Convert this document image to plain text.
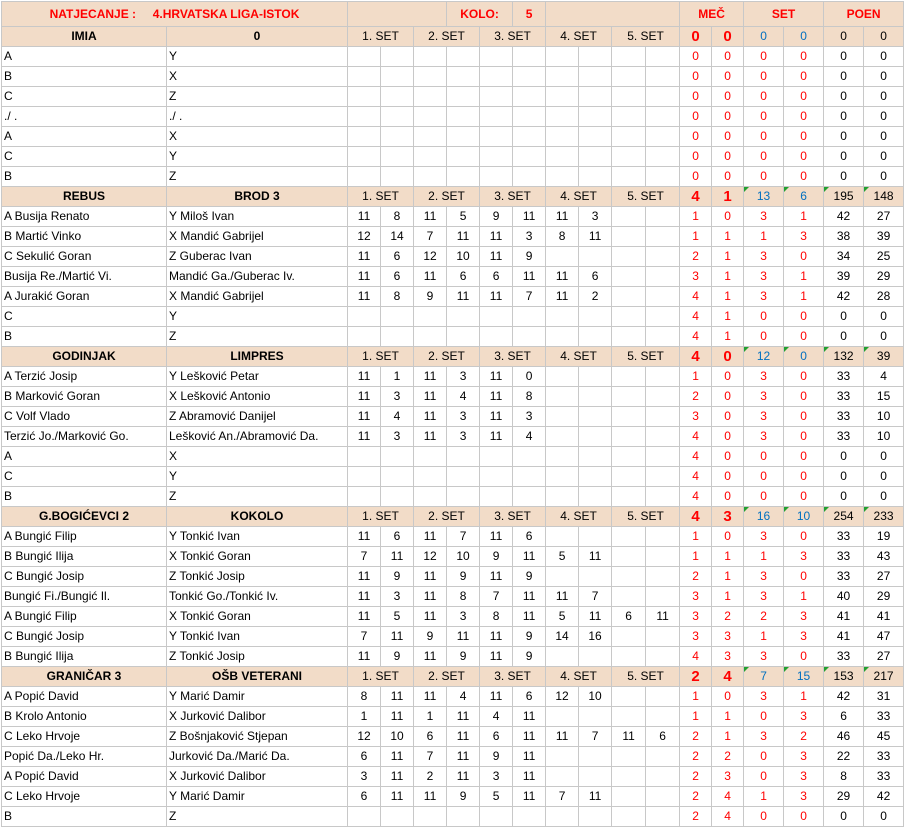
NATJECANJE : 4.HRVATSKA LIGA-ISTOK					KOLO:		5					MEČ		SET		POEN	
IMIA	0	1. SET		2. SET		3. SET		4. SET		5. SET		0	0	0	0	0	0
A	Y											0	0	0	0	0	0
B	X											0	0	0	0	0	0
C	Z											0	0	0	0	0	0
./ .	./ .											0	0	0	0	0	0
A	X											0	0	0	0	0	0
C	Y											0	0	0	0	0	0
B	Z											0	0	0	0	0	0
REBUS	BROD 3	1. SET		2. SET		3. SET		4. SET		5. SET		4	1	13	6	195	148
A Busija Renato	Y Miloš Ivan	11	8	11	5	9	11	11	3			1	0	3	1	42	27
B Martić Vinko	X Mandić Gabrijel	12	14	7	11	11	3	8	11			1	1	1	3	38	39
C Sekulić Goran	Z Guberac Ivan	11	6	12	10	11	9					2	1	3	0	34	25
Busija Re./Martić Vi.	Mandić Ga./Guberac Iv.	11	6	11	6	6	11	11	6			3	1	3	1	39	29
A Jurakić Goran	X Mandić Gabrijel	11	8	9	11	11	7	11	2			4	1	3	1	42	28
C	Y											4	1	0	0	0	0
B	Z											4	1	0	0	0	0
GODINJAK	LIMPRES	1. SET		2. SET		3. SET		4. SET		5. SET		4	0	12	0	132	39
A Terzić Josip	Y Lešković Petar	11	1	11	3	11	0					1	0	3	0	33	4
B Marković Goran	X Lešković Antonio	11	3	11	4	11	8					2	0	3	0	33	15
C Volf Vlado	Z Abramović Danijel	11	4	11	3	11	3					3	0	3	0	33	10
Terzić Jo./Marković Go.	Lešković An./Abramović Da.	11	3	11	3	11	4					4	0	3	0	33	10
A	X											4	0	0	0	0	0
C	Y											4	0	0	0	0	0
B	Z											4	0	0	0	0	0
G.BOGIĆEVCI 2	KOKOLO	1. SET		2. SET		3. SET		4. SET		5. SET		4	3	16	10	254	233
A Bungić Filip	Y Tonkić Ivan	11	6	11	7	11	6					1	0	3	0	33	19
B Bungić Ilija	X Tonkić Goran	7	11	12	10	9	11	5	11			1	1	1	3	33	43
C Bungić Josip	Z Tonkić Josip	11	9	11	9	11	9					2	1	3	0	33	27
Bungić Fi./Bungić Il.	Tonkić Go./Tonkić Iv.	11	3	11	8	7	11	11	7			3	1	3	1	40	29
A Bungić Filip	X Tonkić Goran	11	5	11	3	8	11	5	11	6	11	3	2	2	3	41	41
C Bungić Josip	Y Tonkić Ivan	7	11	9	11	11	9	14	16			3	3	1	3	41	47
B Bungić Ilija	Z Tonkić Josip	11	9	11	9	11	9					4	3	3	0	33	27
GRANIČAR 3	OŠB VETERANI	1. SET		2. SET		3. SET		4. SET		5. SET		2	4	7	15	153	217
A Popić David	Y Marić Damir	8	11	11	4	11	6	12	10			1	0	3	1	42	31
B Krolo Antonio	X Jurković Dalibor	1	11	1	11	4	11					1	1	0	3	6	33
C Leko Hrvoje	Z Bošnjaković Stjepan	12	10	6	11	6	11	11	7	11	6	2	1	3	2	46	45
Popić Da./Leko Hr.	Jurković Da./Marić Da.	6	11	7	11	9	11					2	2	0	3	22	33
A Popić David	X Jurković Dalibor	3	11	2	11	3	11					2	3	0	3	8	33
C Leko Hrvoje	Y Marić Damir	6	11	11	9	5	11	7	11			2	4	1	3	29	42
B	Z											2	4	0	0	0	0
